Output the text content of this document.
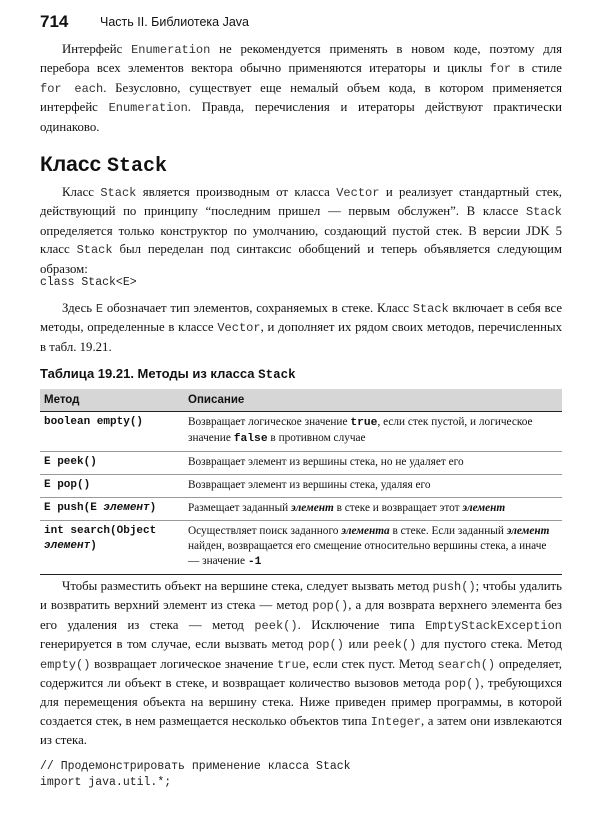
714	Часть II. Библиотека Java

Интерфейс Enumeration не рекомендуется применять в новом коде, поэтому для перебора всех элементов вектора обычно применяются итераторы и циклы for в стиле for each. Безусловно, существует еще немалый объем кода, в котором применяется интерфейс Enumeration. Правда, перечисления и итераторы действуют практически одинаково.

Класс Stack

Класс Stack является производным от класса Vector и реализует стандартный стек, действующий по принципу “последним пришел — первым обслужен”. В классе Stack определяется только конструктор по умолчанию, создающий пустой стек. В версии JDK 5 класс Stack был переделан под синтаксис обобщений и теперь объявляется следующим образом:

class Stack<E>

Здесь E обозначает тип элементов, сохраняемых в стеке. Класс Stack включает в себя все методы, определенные в классе Vector, и дополняет их рядом своих методов, перечисленных в табл. 19.21.

Таблица 19.21. Методы из класса Stack
Метод	Описание
boolean empty()	Возвращает логическое значение true, если стек пустой, и логическое значение false в противном случае
E peek()	Возвращает элемент из вершины стека, но не удаляет его
E pop()	Возвращает элемент из вершины стека, удаляя его
E push(E элемент)	Размещает заданный элемент в стеке и возвращает этот элемент
int search(Object
элемент)	Осуществляет поиск заданного элемента в стеке. Если заданный элемент найден, возвращается его смещение относительно вершины стека, а иначе — значение -1

Чтобы разместить объект на вершине стека, следует вызвать метод push(); чтобы удалить и возвратить верхний элемент из стека — метод pop(), а для возврата верхнего элемента без его удаления из стека — метод peek(). Исключение типа EmptyStackException генерируется в том случае, если вызвать метод pop() или peek() для пустого стека. Метод empty() возвращает логическое значение true, если стек пуст. Метод search() определяет, содержится ли объект в стеке, и возвращает количество вызовов метода pop(), требующихся для перемещения объекта на вершину стека. Ниже приведен пример программы, в которой создается стек, в нем размещается несколько объектов типа Integer, а затем они извлекаются из стека.

// Продемонстрировать применение класса Stack
import java.util.*;
